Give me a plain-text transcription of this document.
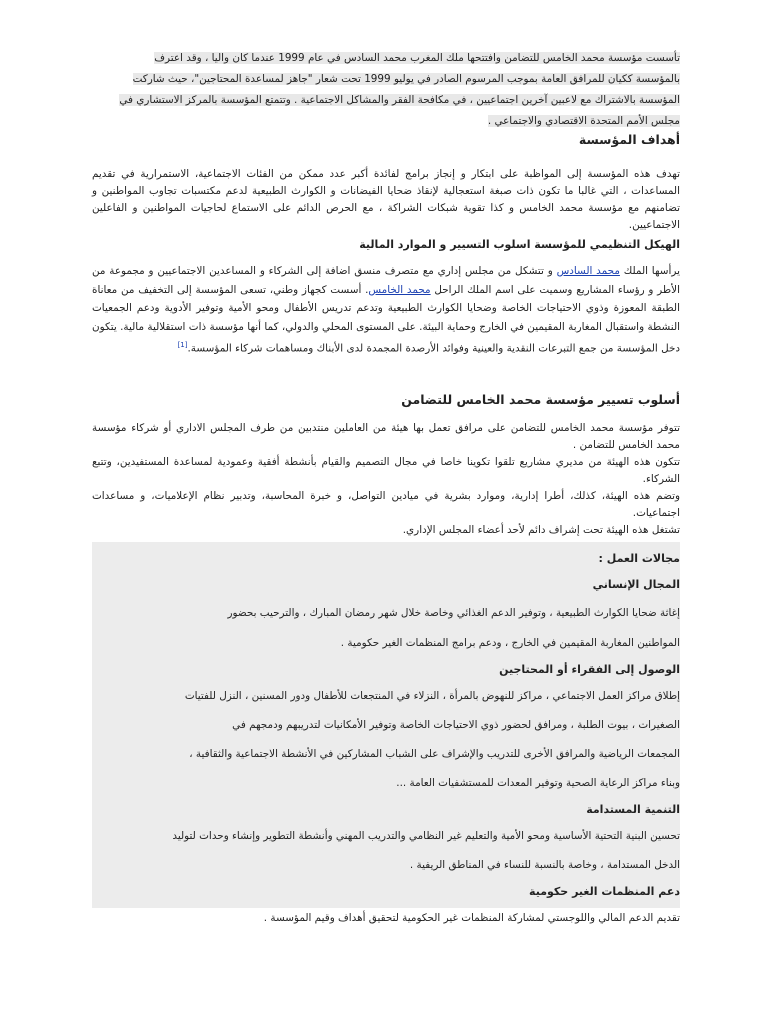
تأسست مؤسسة محمد الخامس للتضامن وافتتحها ملك المغرب محمد السادس في عام 1999 عندما كان واليا ، وقد اعترف

بالمؤسسة ككيان للمرافق العامة بموجب المرسوم الصادر في يوليو 1999 تحت شعار "جاهز لمساعدة المحتاجين"، حيث شاركت

المؤسسة بالاشتراك مع لاعبين آخرين اجتماعيين ، في مكافحة الفقر والمشاكل الاجتماعية . وتتمتع المؤسسة بالمركز الاستشاري في

مجلس الأمم المتحدة الاقتصادي والاجتماعي .

أهداف المؤسسة

تهدف هذه المؤسسة إلى المواظبة على ابتكار و إنجاز برامج لفائدة أكبر عدد ممكن من الفئات الاجتماعية، الاستمرارية في تقديم المساعدات ، التي غالبا ما تكون ذات صبغة استعجالية لإنقاذ ضحايا الفيضانات و الكوارث الطبيعية لدعم مكتسبات تجاوب المواطنين و تضامنهم مع مؤسسة محمد الخامس و كذا تقوية شبكات الشراكة ، مع الحرص الدائم على الاستماع لحاجيات المواطنين و الفاعلين الاجتماعيين.

الهيكل التنظيمي للمؤسسة اسلوب التسيير و الموارد المالية

يرأسها الملك محمد السادس و تتشكل من مجلس إداري مع متصرف منسق اضافة إلى الشركاء و المساعدين الاجتماعيين و مجموعة من الأطر و رؤساء المشاريع وسميت على اسم الملك الراحل محمد الخامس. أسست كجهاز وطني، تسعى المؤسسة إلى التخفيف من معاناة الطبقة المعوزة وذوي الاحتياجات الخاصة وضحايا الكوارث الطبيعية وتدعم تدريس الأطفال ومحو الأمية وتوفير الأدوية ودعم الجمعيات النشطة واستقبال المغاربة المقيمين في الخارج وحماية البيئة. على المستوى المحلي والدولي، كما أنها مؤسسة ذات استقلالية مالية. يتكون دخل المؤسسة من جمع التبرعات النقدية والعينية وفوائد الأرصدة المجمدة لدى الأبناك ومساهمات شركاء المؤسسة.[1]

أسلوب تسيير مؤسسة محمد الخامس للتضامن

تتوفر مؤسسة محمد الخامس للتضامن على مرافق تعمل بها هيئة من العاملين منتدبين من طرف المجلس الاداري أو شركاء مؤسسة محمد الخامس للتضامن .

تتكون هذه الهيئة من مديري مشاريع تلقوا تكوينا خاصا في مجال التصميم والقيام بأنشطة أفقية وعمودية لمساعدة المستفيدين، وتتبع الشركاء.

وتضم هذه الهيئة، كذلك، أطرا إدارية، وموارد بشرية في ميادين التواصل، و خبرة المحاسبة، وتدبير نظام الإعلاميات، و مساعدات اجتماعيات.

تشتغل هذه الهيئة تحت إشراف دائم لأحد أعضاء المجلس الإداري.

مجالات العمل :

المجال الإنساني

إغاثة ضحايا الكوارث الطبيعية ، وتوفير الدعم الغذائي وخاصة خلال شهر رمضان المبارك ، والترحيب بحضور

المواطنين المغاربة المقيمين في الخارج ، ودعم برامج المنظمات الغير حكومية .

الوصول إلى الفقراء أو المحتاجين

إطلاق مراكز العمل الاجتماعي ، مراكز للنهوض بالمرأة ، النزلاء في المنتجعات للأطفال ودور المسنين ، النزل للفتيات

الصغيرات ، بيوت الطلبة ، ومرافق لحضور ذوي الاحتياجات الخاصة وتوفير الأمكانيات لتدريبهم ودمجهم في

المجمعات الرياضية والمرافق الأخرى للتدريب والإشراف على الشباب المشاركين في الأنشطة الاجتماعية والثقافية ،

وبناء مراكز الرعاية الصحية وتوفير المعدات للمستشفيات العامة ...

التنمية المستدامة

تحسين البنية التحتية الأساسية ومحو الأمية والتعليم غير النظامي والتدريب المهني وأنشطة التطوير وإنشاء وحدات لتوليد

الدخل المستدامة ، وخاصة بالنسبة للنساء في المناطق الريفية .

دعم المنظمات الغير حكومية

تقديم الدعم المالي واللوجستي لمشاركة المنظمات غير الحكومية لتحقيق أهداف وقيم المؤسسة .
